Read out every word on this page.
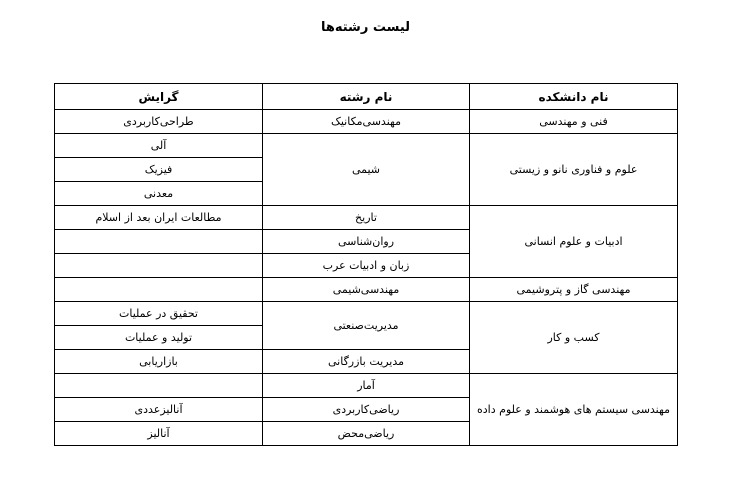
لیست رشته‌ها
نام دانشکده	نام رشته	گرایش
فنی و مهندسی	مهندسی‌مکانیک	طراحی‌کاربردی
علوم و فناوری نانو و زیستی	شیمی	آلی
		فیزیک
		معدنی
ادبیات و علوم انسانی	تاریخ	مطالعات ایران بعد از اسلام
	روان‌شناسی	
	زبان و ادبیات عرب	
مهندسی گاز و پتروشیمی	مهندسی‌شیمی	
کسب و کار	مدیریت‌صنعتی	تحقیق در عملیات
		تولید و عملیات
	مدیریت بازرگانی	بازاریابی
مهندسی سیستم های هوشمند و علوم داده	آمار	
	ریاضی‌کاربردی	آنالیزعددی
	ریاضی‌محض	آنالیز
